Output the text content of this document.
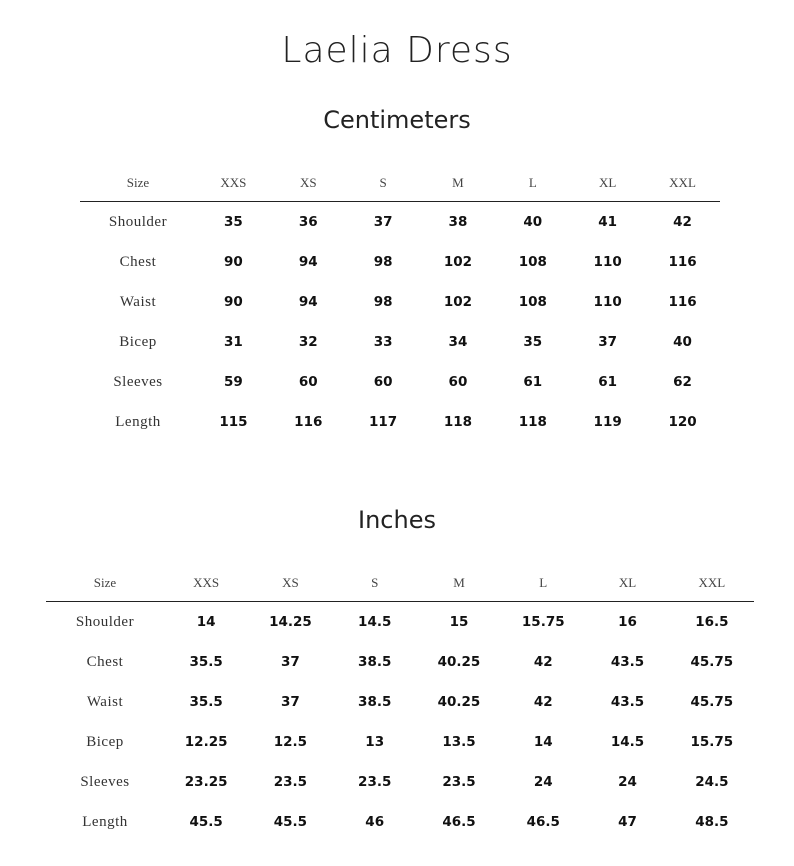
Laelia Dress
Centimeters
Size	XXS	XS	S	M	L	XL	XXL
Shoulder	35	36	37	38	40	41	42
Chest	90	94	98	102	108	110	116
Waist	90	94	98	102	108	110	116
Bicep	31	32	33	34	35	37	40
Sleeves	59	60	60	60	61	61	62
Length	115	116	117	118	118	119	120
Inches
Size	XXS	XS	S	M	L	XL	XXL
Shoulder	14	14.25	14.5	15	15.75	16	16.5
Chest	35.5	37	38.5	40.25	42	43.5	45.75
Waist	35.5	37	38.5	40.25	42	43.5	45.75
Bicep	12.25	12.5	13	13.5	14	14.5	15.75
Sleeves	23.25	23.5	23.5	23.5	24	24	24.5
Length	45.5	45.5	46	46.5	46.5	47	48.5
